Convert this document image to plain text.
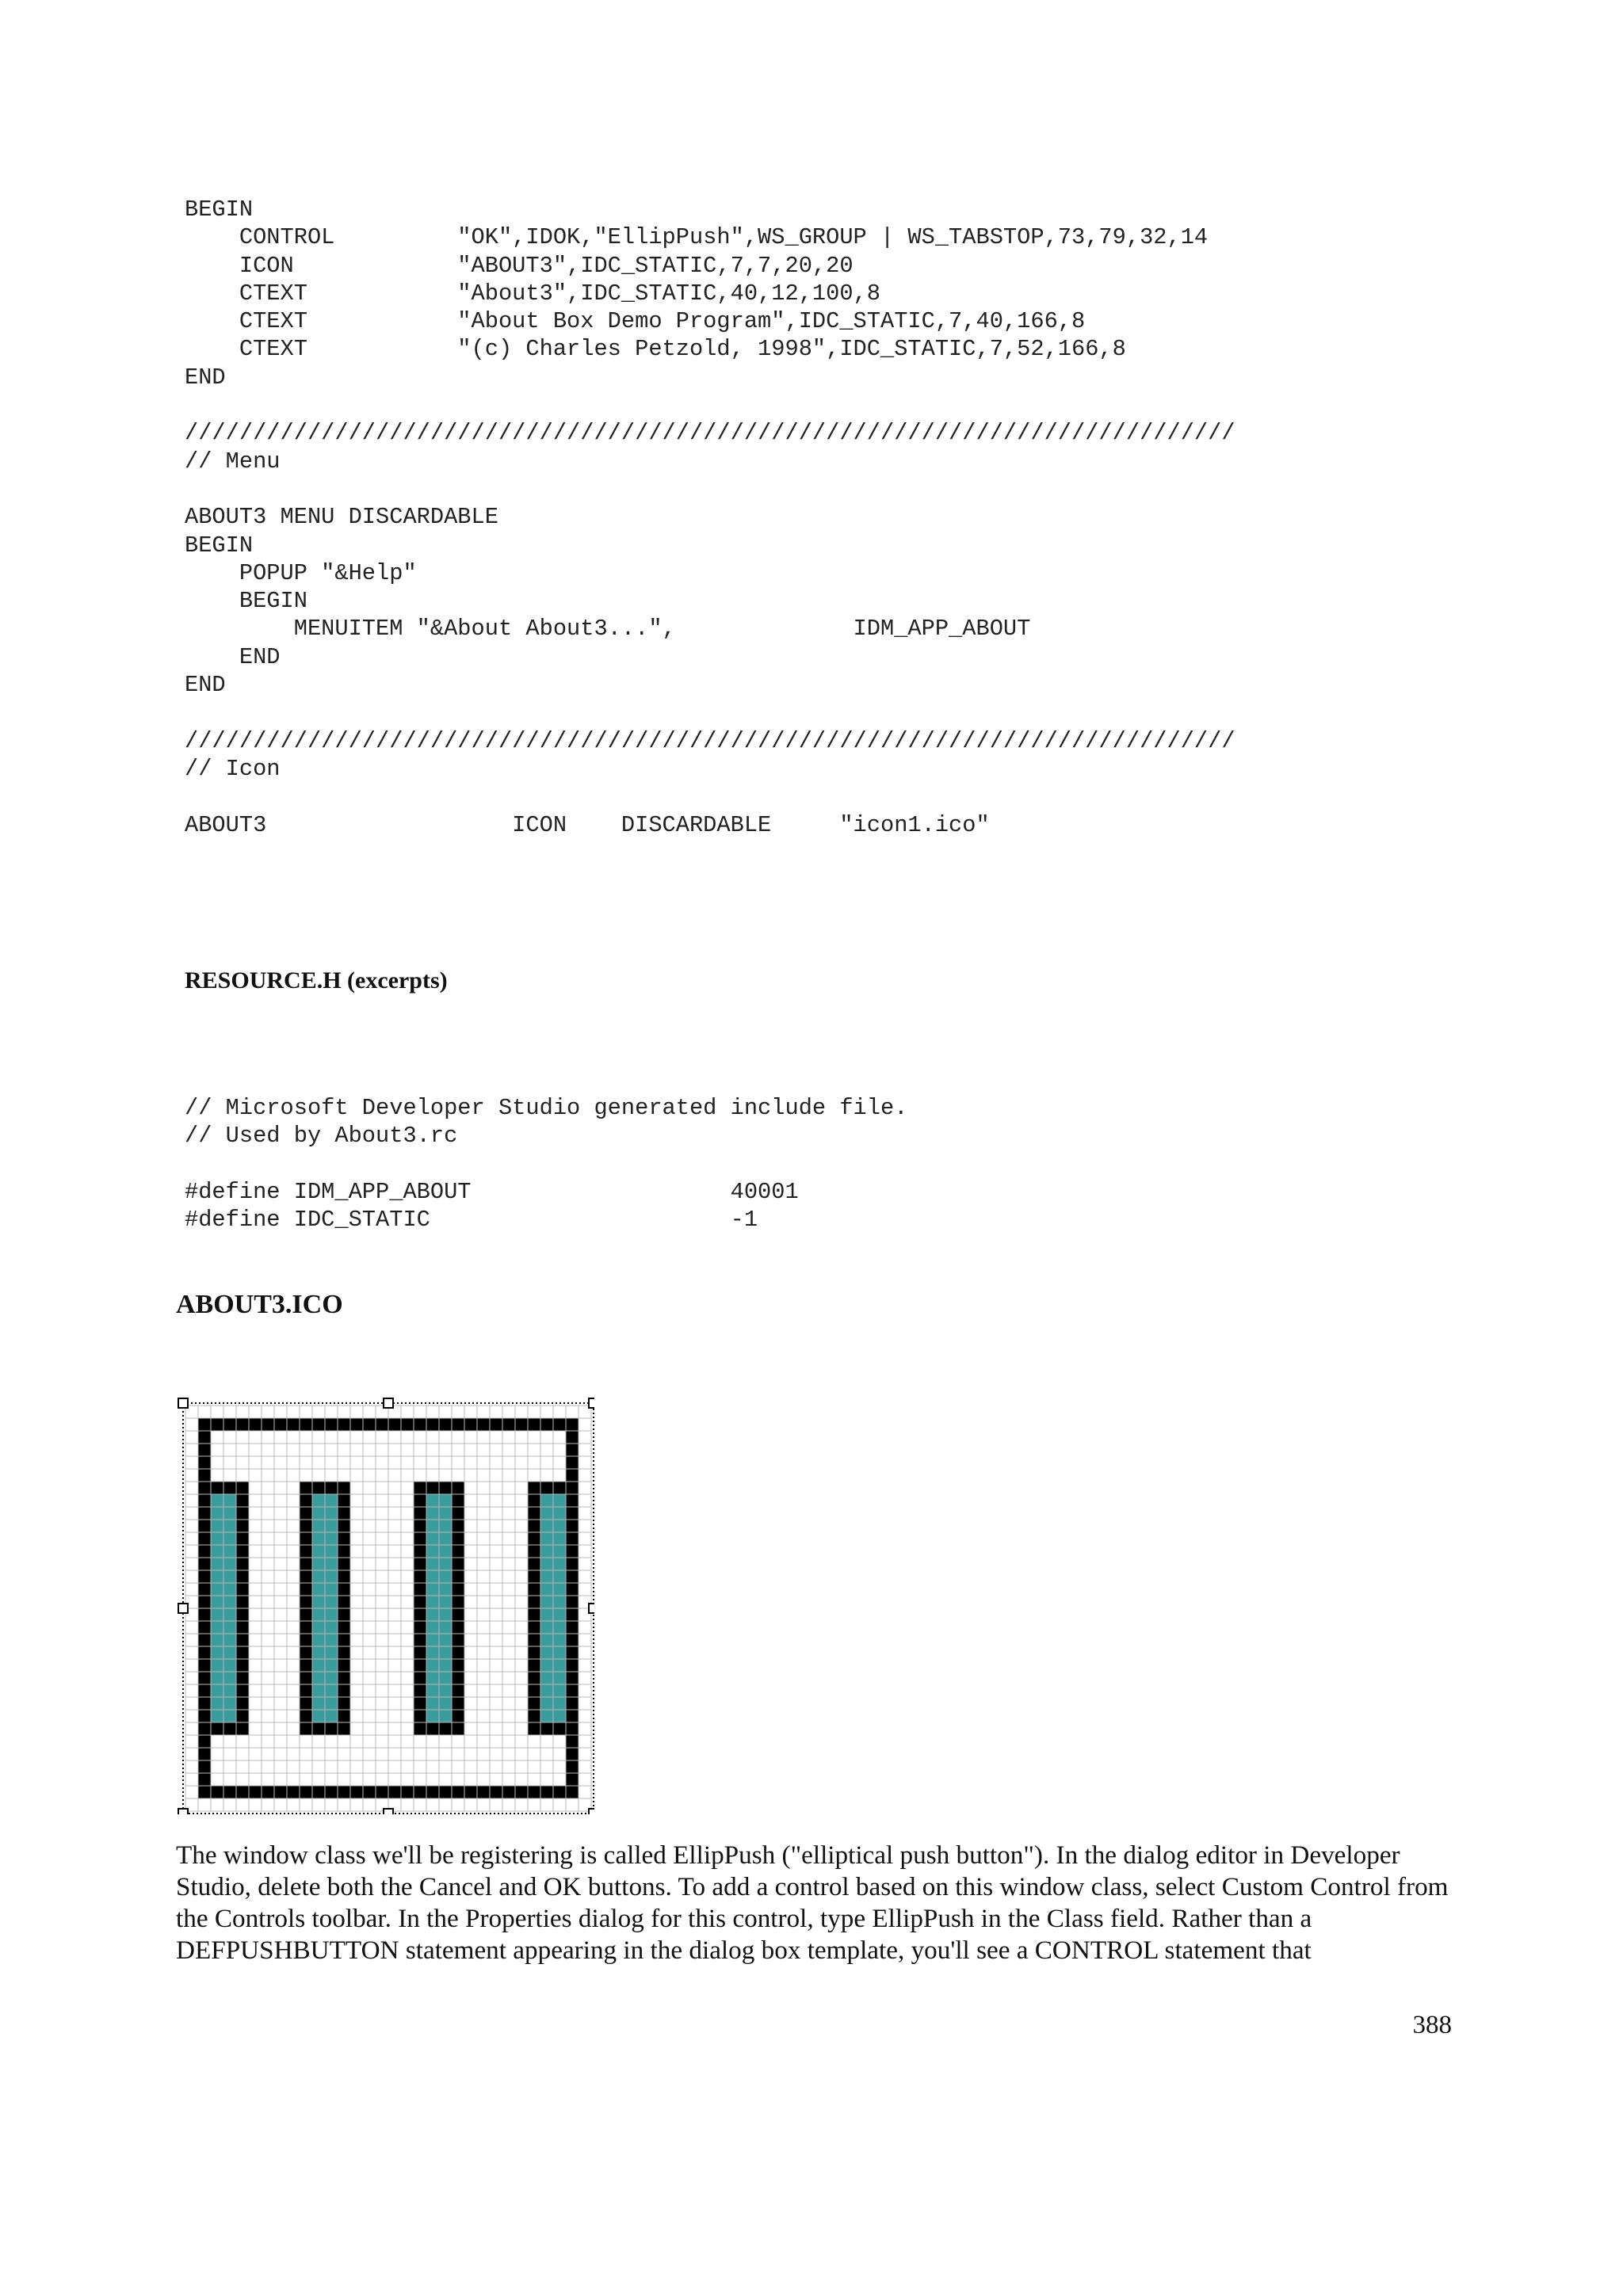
BEGIN
CONTROL         "OK",IDOK,"EllipPush",WS_GROUP | WS_TABSTOP,73,79,32,14
ICON            "ABOUT3",IDC_STATIC,7,7,20,20
CTEXT           "About3",IDC_STATIC,40,12,100,8
CTEXT           "About Box Demo Program",IDC_STATIC,7,40,166,8
CTEXT           "(c) Charles Petzold, 1998",IDC_STATIC,7,52,166,8
END
/////////////////////////////////////////////////////////////////////////////
// Menu
ABOUT3 MENU DISCARDABLE
BEGIN
POPUP "&Help"
BEGIN
MENUITEM "&About About3...",             IDM_APP_ABOUT
END
END
/////////////////////////////////////////////////////////////////////////////
// Icon
ABOUT3                  ICON    DISCARDABLE     "icon1.ico"
RESOURCE.H (excerpts)
// Microsoft Developer Studio generated include file.
// Used by About3.rc
#define IDM_APP_ABOUT                   40001
#define IDC_STATIC                      -1
ABOUT3.ICO

The window class we'll be registering is called EllipPush ("elliptical push button"). In the dialog editor in Developer Studio, delete both the Cancel and OK buttons. To add a control based on this window class, select Custom Control from the Controls toolbar. In the Properties dialog for this control, type EllipPush in the Class field. Rather than a DEFPUSHBUTTON statement appearing in the dialog box template, you'll see a CONTROL statement that

388
